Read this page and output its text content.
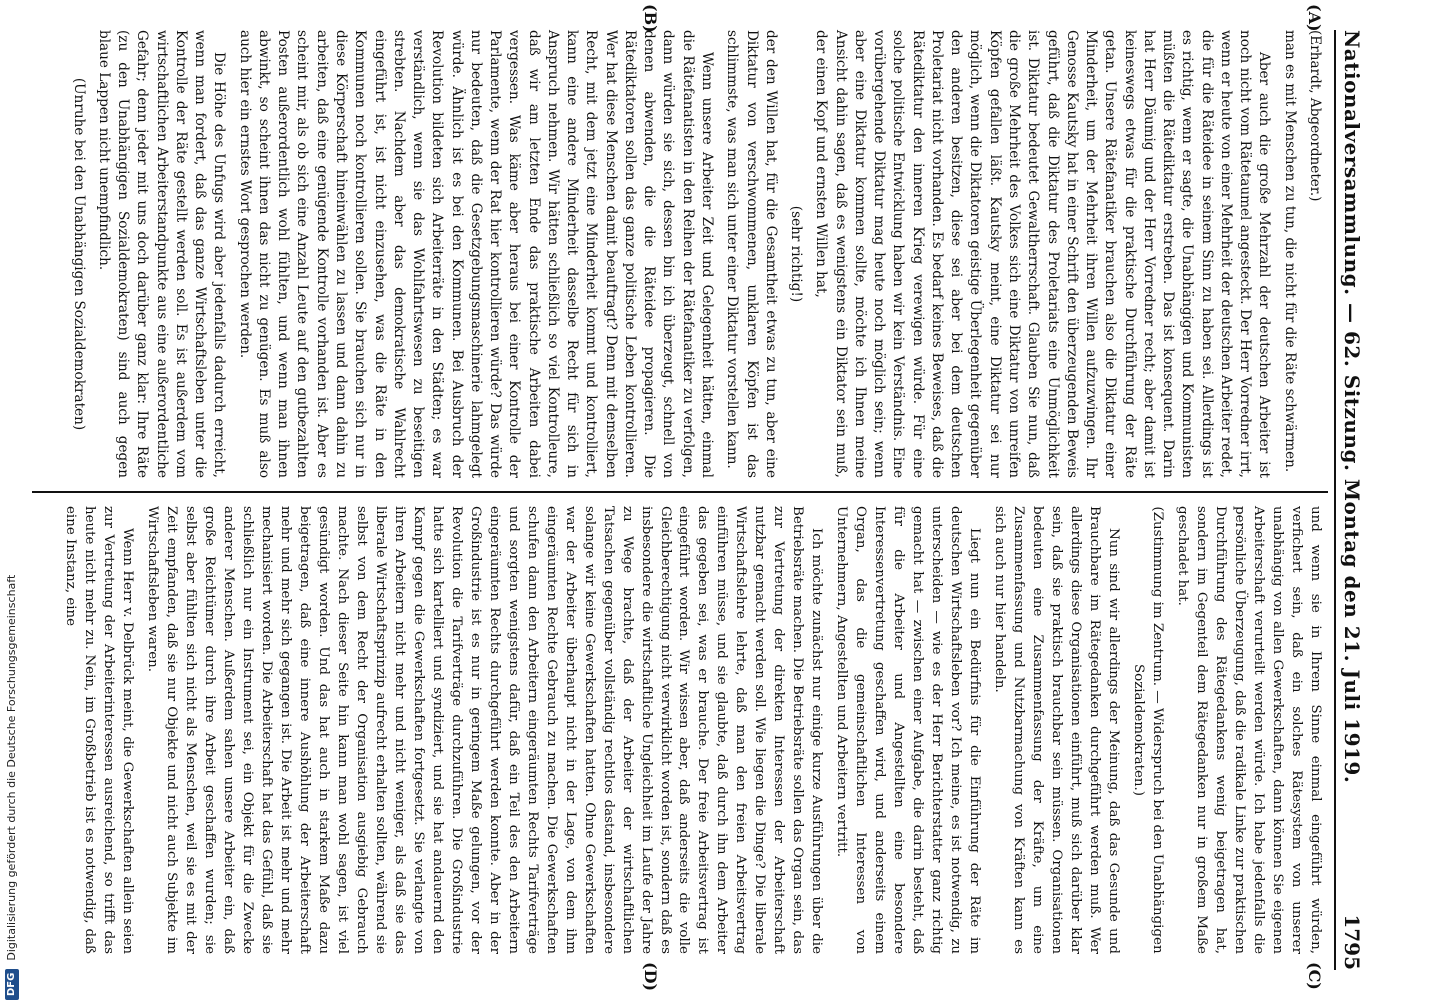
DFG
Digitalisierung gefördert durch die Deutsche Forschungsgemeinschaft	Nationalversammlung. — 62. Sitzung. Montag den 21. Juli 1919.
1795
(A)
(B)
(C)
(D)

(Erhardt, Abgeordneter.)

man es mit Menschen zu tun, die nicht für die Räte schwärmen.

Aber auch die große Mehrzahl der deutschen Arbeiter ist noch nicht vom Rätetaumel angesteckt. Der Herr Vorredner irrt, wenn er heute von einer Mehrheit der deutschen Arbeiter redet, die für die Räteidee in seinem Sinn zu haben sei. Allerdings ist es richtig, wenn er sagte, die Unabhängigen und Kommunisten müßten die Rätediktatur erstreben. Das ist konsequent. Darin hat Herr Däumig und der Herr Vorredner recht; aber damit ist keineswegs etwas für die praktische Durchführung der Räte getan. Unsere Rätefanatiker brauchen also die Diktatur einer Minderheit, um der Mehrheit ihren Willen aufzuzwingen. Ihr Genosse Kautsky hat in einer Schrift den überzeugenden Beweis geführt, daß die Diktatur des Proletariats eine Unmöglichkeit ist. Diktatur bedeutet Gewaltherrschaft. Glauben Sie nun, daß die große Mehrheit des Volkes sich eine Diktatur von unreifen Köpfen gefallen läßt. Kautsky meint, eine Diktatur sei nur möglich, wenn die Diktatoren geistige Überlegenheit gegenüber den anderen besitzen, diese sei aber bei dem deutschen Proletariat nicht vorhanden. Es bedarf keines Beweises, daß die Rätediktatur den inneren Krieg verewigen würde. Für eine solche politische Entwicklung haben wir kein Verständnis. Eine vorübergehende Diktatur mag heute noch möglich sein; wenn aber eine Diktatur kommen sollte, möchte ich Ihnen meine Ansicht dahin sagen, daß es wenigstens ein Diktator sein muß, der einen Kopf und ernsten Willen hat,

(sehr richtig!)

der den Willen hat, für die Gesamtheit etwas zu tun, aber eine Diktatur von verschwommenen, unklaren Köpfen ist das schlimmste, was man sich unter einer Diktatur vorstellen kann.

Wenn unsere Arbeiter Zeit und Gelegenheit hätten, einmal die Rätefanatisten in den Reihen der Rätefanatiker zu verfolgen, dann würden sie sich, dessen bin ich überzeugt, schnell von denen abwenden, die die Räteidee propagieren. Die Rätediktatoren sollen das ganze politische Leben kontrollieren. Wer hat diese Menschen damit beauftragt? Denn mit demselben Recht, mit dem jetzt eine Minderheit kommt und kontrolliert, kann eine andere Minderheit dasselbe Recht für sich in Anspruch nehmen. Wir hätten schließlich so viel Kontrolleure, daß wir am letzten Ende das praktische Arbeiten dabei vergessen. Was käme aber heraus bei einer Kontrolle der Parlamente, wenn der Rat hier kontrollieren würde? Das würde nur bedeuten, daß die Gesetzgebungsmaschinerie lahmgelegt würde. Ähnlich ist es bei den Kommunen. Bei Ausbruch der Revolution bildeten sich Arbeiterräte in den Städten; es war verständlich, wenn sie das Wohlfahrtswesen zu beseitigen strebten. Nachdem aber das demokratische Wahlrecht eingeführt ist, ist nicht einzusehen, was die Räte in den Kommunen noch kontrollieren sollen. Sie brauchen sich nur in diese Körperschaft hineinwählen zu lassen und dann dahin zu arbeiten, daß eine genügende Kontrolle vorhanden ist. Aber es scheint mir, als ob sich eine Anzahl Leute auf den gutbezahlten Posten außerordentlich wohl fühlten, und wenn man ihnen abwinkt, so scheint ihnen das nicht zu genügen. Es muß also auch hier ein ernstes Wort gesprochen werden.

Die Höhe des Unfugs wird aber jedenfalls dadurch erreicht, wenn man fordert, daß das ganze Wirtschaftsleben unter die Kontrolle der Räte gestellt werden soll. Es ist außerdem vom wirtschaftlichen Arbeiterstandpunkte aus eine außerordentliche Gefahr; denn jeder mit uns doch darüber ganz klar: Ihre Räte (zu den Unabhängigen Sozialdemokraten) sind auch gegen blaue Lappen nicht unempfindlich.

(Unruhe bei den Unabhängigen Sozialdemokraten)

und wenn sie in Ihrem Sinne einmal eingeführt würden, verfichert sein, daß ein solches Rätesystem von unserer unabhängig von allen Gewerkschaften, dann können Sie eigenen Arbeiterschaft verurteilt werden würde. Ich habe jedenfalls die persönliche Überzeugung, daß die radikale Linke zur praktischen Durchführung des Rätegedankens wenig beigetragen hat, sondern im Gegenteil dem Rätegedanken nur in großem Maße geschadet hat.

(Zustimmung im Zentrum. — Widerspruch bei den Unabhängigen Sozialdemokraten.)

Nun sind wir allerdings der Meinung, daß das Gesunde und Brauchbare im Rätegedanken durchgeführt werden muß. Wer allerdings diese Organisationen einführt, muß sich darüber klar sein, daß sie praktisch brauchbar sein müssen. Organisationen bedeuten eine Zusammenfassung der Kräfte, um eine Zusammenfassung und Nutzbarmachung von Kräften kann es sich auch nur hier handeln.

Liegt nun ein Bedürfnis für die Einführung der Räte im deutschen Wirtschaftsleben vor? Ich meine, es ist notwendig, zu unterscheiden — wie es der Herr Berichterstatter ganz richtig gemacht hat — zwischen einer Aufgabe, die darin besteht, daß für die Arbeiter und Angestellten eine besondere Interessenvertretung geschaffen wird, und anderseits einem Organ, das die gemeinschaftlichen Interessen von Unternehmern, Angestellten und Arbeitern vertritt.

Ich möchte zunächst nur einige kurze Ausführungen über die Betriebsräte machen. Die Betriebsräte sollen das Organ sein, das zur Vertretung der direkten Interessen der Arbeiterschaft nutzbar gemacht werden soll. Wie liegen die Dinge? Die liberale Wirtschaftslehre lehrte, daß man den freien Arbeitsvertrag einführen müsse, und sie glaubte, daß durch ihn dem Arbeiter das gegeben sei, was er brauche. Der freie Arbeitsvertrag ist eingeführt worden. Wir wissen aber, daß anderseits die volle Gleichberechtigung nicht verwirklicht worden ist, sondern daß es insbesondere die wirtschaftliche Ungleichheit im Laufe der Jahre zu Wege brachte, daß der Arbeiter der wirtschaftlichen Tatsachen gegenüber vollständig rechtlos dastand, insbesondere solange wir keine Gewerkschaften hatten. Ohne Gewerkschaften war der Arbeiter überhaupt nicht in der Lage, von dem ihm eingeräumten Rechte Gebrauch zu machen. Die Gewerkschaften schufen dann den Arbeitern eingeräumten Rechts Tarifverträge und sorgten wenigstens dafür, daß ein Teil des den Arbeitern eingeräumten Rechts durchgeführt werden konnte. Aber in der Großindustrie ist es nur in geringem Maße gelungen, vor der Revolution die Tarifverträge durchzuführen. Die Großindustrie hatte sich kartelliert und syndiziert, und sie hat andauernd den Kampf gegen die Gewerkschaften fortgesetzt. Sie verlangte von ihren Arbeitern nicht mehr und nicht weniger, als daß sie das liberale Wirtschaftsprinzip aufrecht erhalten sollten, während sie selbst von dem Recht der Organisation ausgiebig Gebrauch machte. Nach dieser Seite hin kann man wohl sagen, ist viel gesündigt worden. Und das hat auch in starkem Maße dazu beigetragen, daß eine innere Aushöhlung der Arbeiterschaft mehr und mehr sich gegangen ist. Die Arbeit ist mehr und mehr mechanisiert worden. Die Arbeiterschaft hat das Gefühl, daß sie schließlich nur ein Instrument sei, ein Objekt für die Zwecke anderer Menschen. Außerdem sahen unsere Arbeiter ein, daß große Reichtümer durch ihre Arbeit geschaffen wurden; sie selbst aber fühlten sich nicht als Menschen, weil sie es mit der Zeit empfanden, daß sie nur Objekte und nicht auch Subjekte im Wirtschaftsleben waren.

Wenn Herr v. Delbrück meint, die Gewerkschaften allein seien zur Vertretung der Arbeiterinteressen ausreichend, so trifft das heute nicht mehr zu. Nein, im Großbetrieb ist es notwendig, daß eine Instanz, eine
